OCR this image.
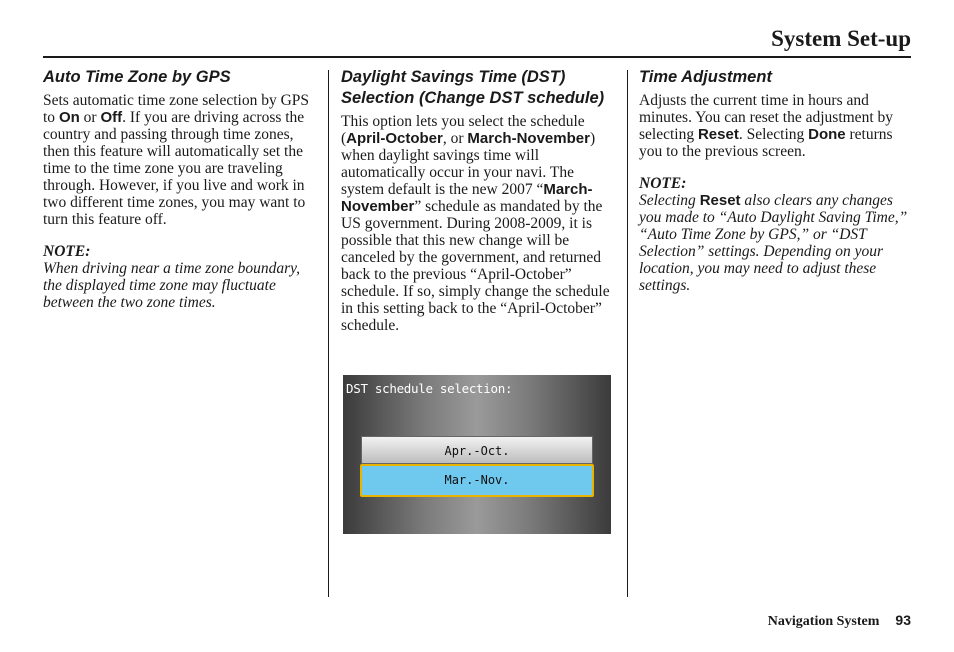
System Set-up
Auto Time Zone by GPS

Sets automatic time zone selection by GPS to On or Off. If you are driving across the country and passing through time zones, then this feature will automatically set the time to the time zone you are traveling through. However, if you live and work in two different time zones, you may want to turn this feature off.

NOTE:

When driving near a time zone boundary, the displayed time zone may fluctuate between the two zone times.

Daylight Savings Time (DST) Selection (Change DST schedule)

This option lets you select the schedule (April-October, or March-November) when daylight savings time will automatically occur in your navi. The system default is the new 2007 “March-November” schedule as mandated by the US government. During 2008-2009, it is possible that this new change will be canceled by the government, and returned back to the previous “April-October” schedule. If so, simply change the schedule in this setting back to the “April-October” schedule.

DST schedule selection:
Apr.-Oct.
Mar.-Nov.
Time Adjustment

Adjusts the current time in hours and minutes. You can reset the adjustment by selecting Reset. Selecting Done returns you to the previous screen.

NOTE:

Selecting Reset also clears any changes you made to “Auto Daylight Saving Time,” “Auto Time Zone by GPS,” or “DST Selection” settings. Depending on your location, you may need to adjust these settings.

Navigation System 93
